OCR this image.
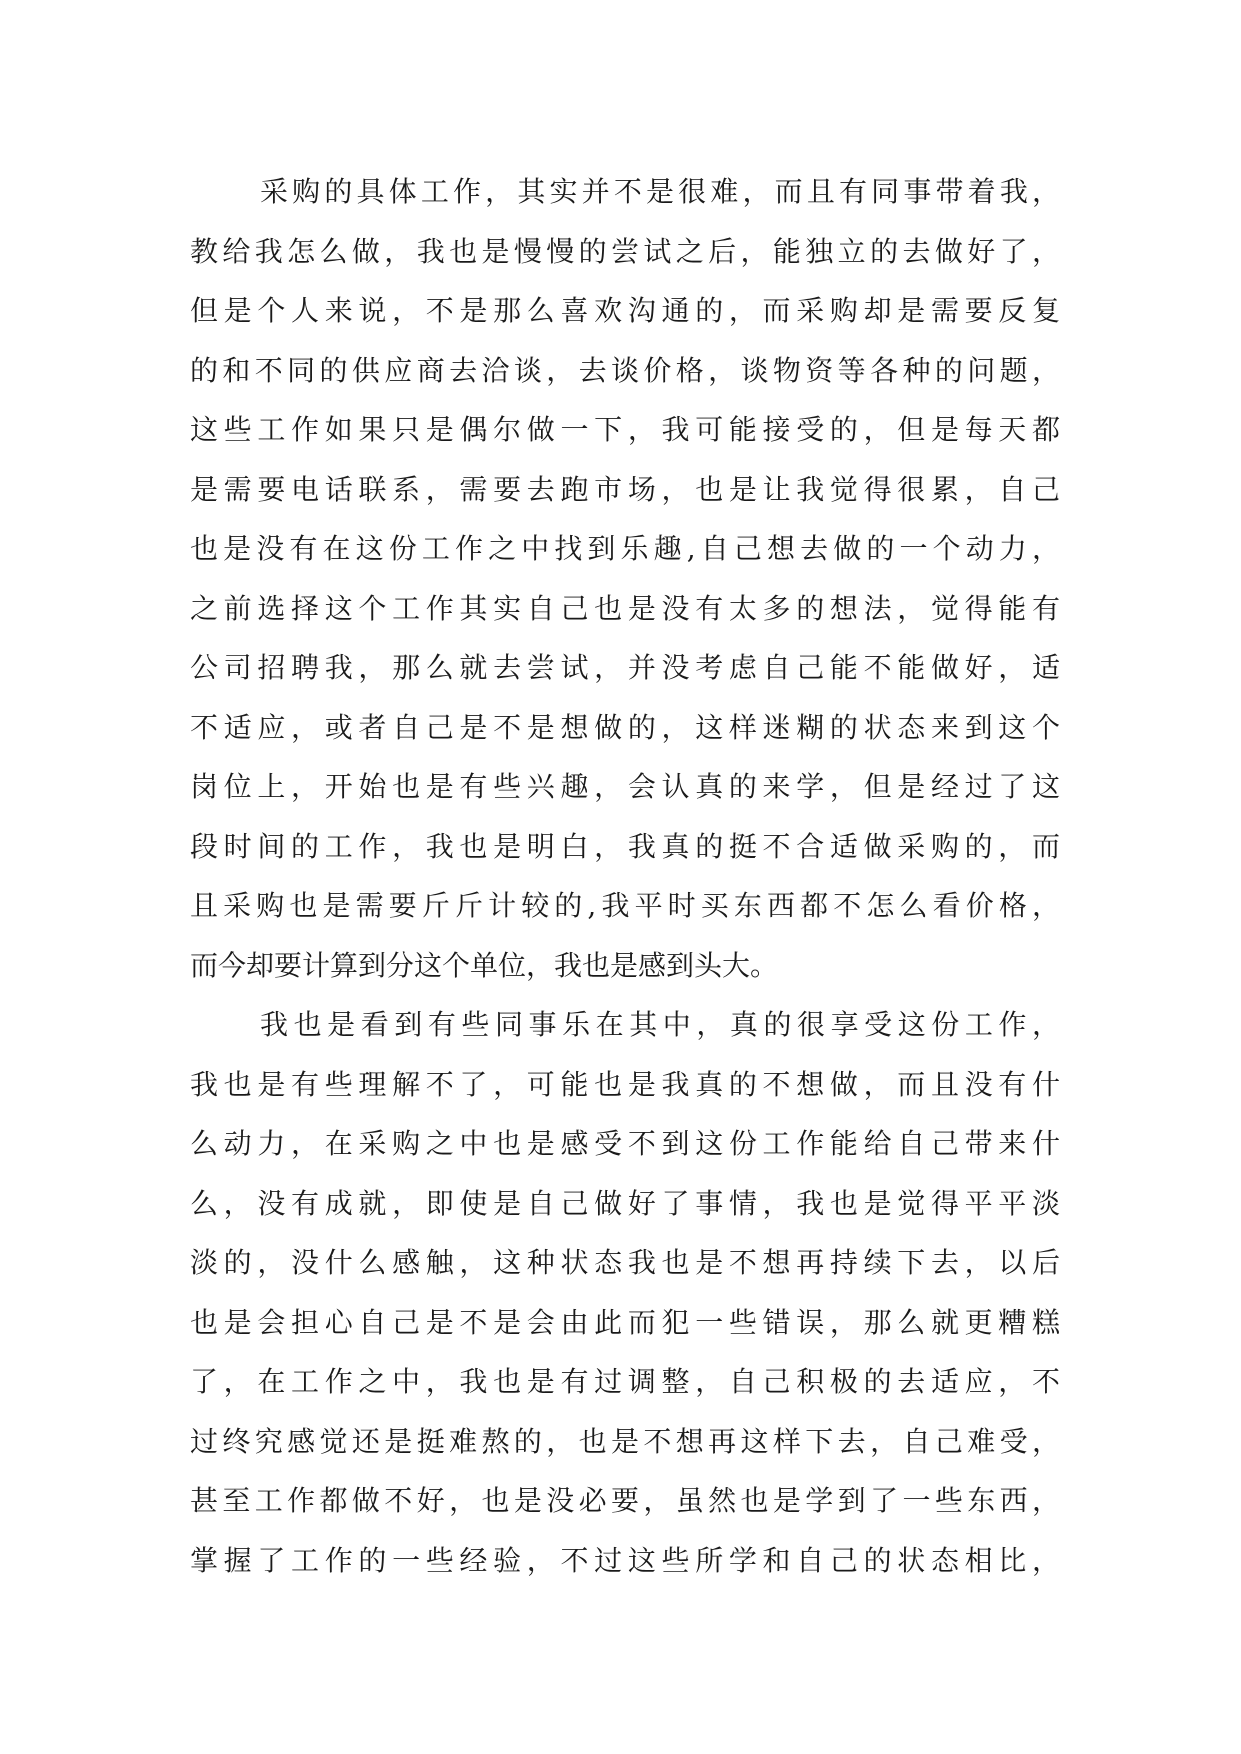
采购的具体工作，其实并不是很难，而且有同事带着我，
教给我怎么做，我也是慢慢的尝试之后，能独立的去做好了，
但是个人来说，不是那么喜欢沟通的，而采购却是需要反复
的和不同的供应商去洽谈，去谈价格，谈物资等各种的问题，
这些工作如果只是偶尔做一下，我可能接受的，但是每天都
是需要电话联系，需要去跑市场，也是让我觉得很累，自己
也是没有在这份工作之中找到乐趣,自己想去做的一个动力，
之前选择这个工作其实自己也是没有太多的想法，觉得能有
公司招聘我，那么就去尝试，并没考虑自己能不能做好，适
不适应，或者自己是不是想做的，这样迷糊的状态来到这个
岗位上，开始也是有些兴趣，会认真的来学，但是经过了这
段时间的工作，我也是明白，我真的挺不合适做采购的，而
且采购也是需要斤斤计较的,我平时买东西都不怎么看价格，
而今却要计算到分这个单位，我也是感到头大。

我也是看到有些同事乐在其中，真的很享受这份工作，
我也是有些理解不了，可能也是我真的不想做，而且没有什
么动力，在采购之中也是感受不到这份工作能给自己带来什
么，没有成就，即使是自己做好了事情，我也是觉得平平淡
淡的，没什么感触，这种状态我也是不想再持续下去，以后
也是会担心自己是不是会由此而犯一些错误，那么就更糟糕
了，在工作之中，我也是有过调整，自己积极的去适应，不
过终究感觉还是挺难熬的，也是不想再这样下去，自己难受，
甚至工作都做不好，也是没必要，虽然也是学到了一些东西，
掌握了工作的一些经验，不过这些所学和自己的状态相比，
